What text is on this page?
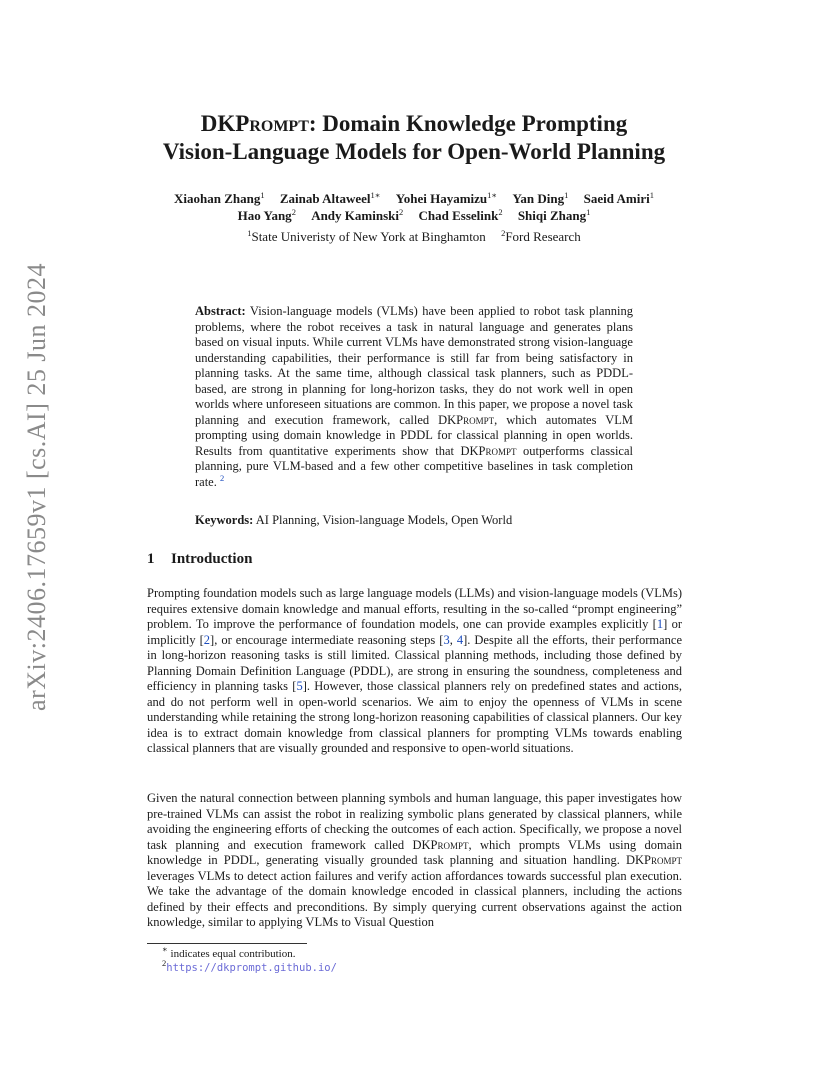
arXiv:2406.17659v1 [cs.AI] 25 Jun 2024
DKPrompt: Domain Knowledge Prompting
Vision-Language Models for Open-World Planning
Xiaohan Zhang$^1$ Zainab Altaweel$^{1∗}$ Yohei Hayamizu$^{1∗}$ Yan Ding$^1$ Saeid Amiri$^1$
Hao Yang$^2$ Andy Kaminski$^2$ Chad Esselink$^2$ Shiqi Zhang$^1$
$^1$State Univeristy of New York at Binghamton $^2$Ford Research

Abstract: Vision-language models (VLMs) have been applied to robot task planning problems, where the robot receives a task in natural language and generates plans based on visual inputs. While current VLMs have demonstrated strong vision-language understanding capabilities, their performance is still far from being satisfactory in planning tasks. At the same time, although classical task planners, such as PDDL-based, are strong in planning for long-horizon tasks, they do not work well in open worlds where unforeseen situations are common. In this paper, we propose a novel task planning and execution framework, called DKPrompt, which automates VLM prompting using domain knowledge in PDDL for classical planning in open worlds. Results from quantitative experiments show that DKPrompt outperforms classical planning, pure VLM-based and a few other competitive baselines in task completion rate. $^2$

Keywords: AI Planning, Vision-language Models, Open World
1 Introduction

Prompting foundation models such as large language models (LLMs) and vision-language models (VLMs) requires extensive domain knowledge and manual efforts, resulting in the so-called “prompt engineering” problem. To improve the performance of foundation models, one can provide examples explicitly [1] or implicitly [2], or encourage intermediate reasoning steps [3, 4]. Despite all the efforts, their performance in long-horizon reasoning tasks is still limited. Classical planning methods, including those defined by Planning Domain Definition Language (PDDL), are strong in ensuring the soundness, completeness and efficiency in planning tasks [5]. However, those classical planners rely on predefined states and actions, and do not perform well in open-world scenarios. We aim to enjoy the openness of VLMs in scene understanding while retaining the strong long-horizon reasoning capabilities of classical planners. Our key idea is to extract domain knowledge from classical planners for prompting VLMs towards enabling classical planners that are visually grounded and responsive to open-world situations.

Given the natural connection between planning symbols and human language, this paper investigates how pre-trained VLMs can assist the robot in realizing symbolic plans generated by classical planners, while avoiding the engineering efforts of checking the outcomes of each action. Specifically, we propose a novel task planning and execution framework called DKPrompt, which prompts VLMs using domain knowledge in PDDL, generating visually grounded task planning and situation handling. DKPrompt leverages VLMs to detect action failures and verify action affordances towards successful plan execution. We take the advantage of the domain knowledge encoded in classical planners, including the actions defined by their effects and preconditions. By simply querying current observations against the action knowledge, similar to applying VLMs to Visual Question

∗ indicates equal contribution.
$^2$https://dkprompt.github.io/
